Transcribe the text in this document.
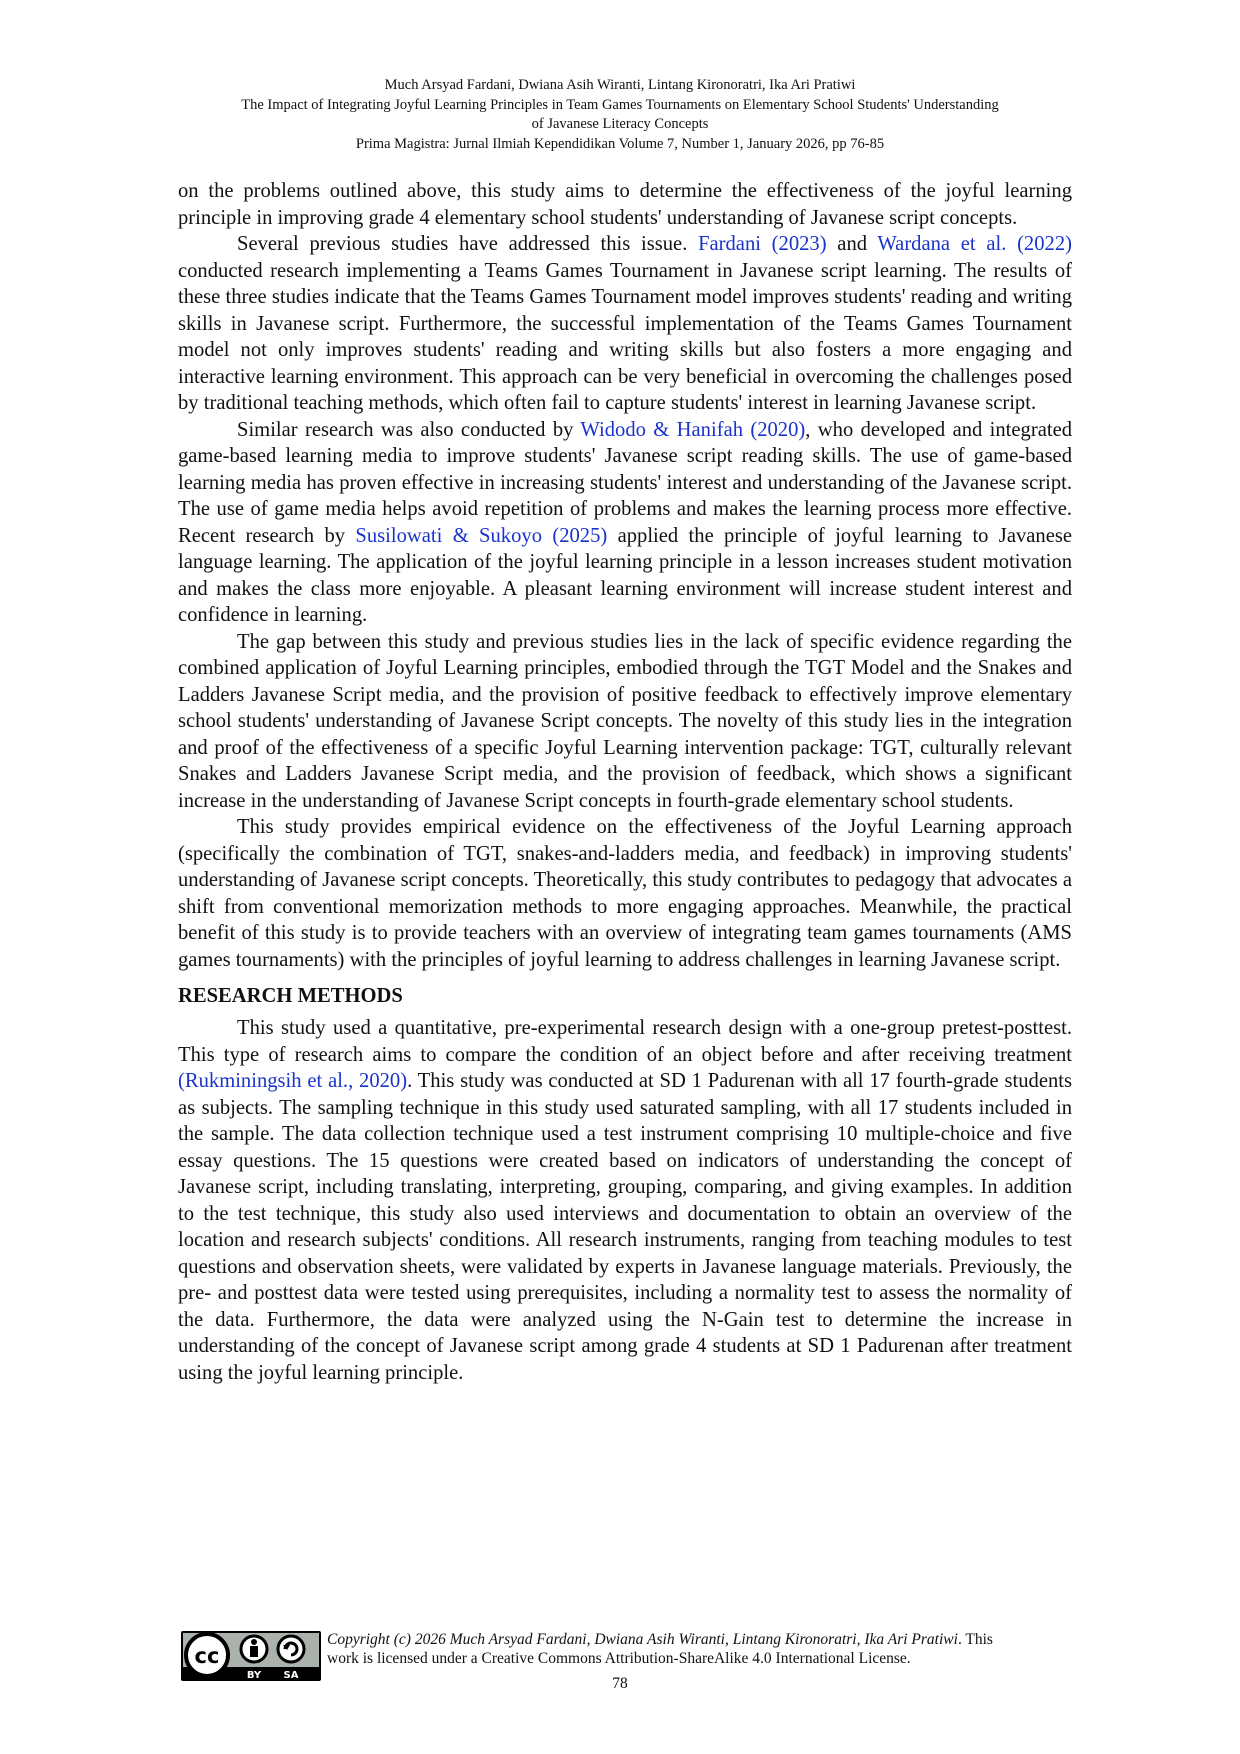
Much Arsyad Fardani, Dwiana Asih Wiranti, Lintang Kironoratri, Ika Ari Pratiwi
The Impact of Integrating Joyful Learning Principles in Team Games Tournaments on Elementary School Students' Understanding
of Javanese Literacy Concepts
Prima Magistra: Jurnal Ilmiah Kependidikan Volume 7, Number 1, January 2026, pp 76-85

on the problems outlined above, this study aims to determine the effectiveness of the joyful learning principle in improving grade 4 elementary school students' understanding of Javanese script concepts.

Several previous studies have addressed this issue. Fardani (2023) and Wardana et al. (2022) conducted research implementing a Teams Games Tournament in Javanese script learning. The results of these three studies indicate that the Teams Games Tournament model improves students' reading and writing skills in Javanese script. Furthermore, the successful implementation of the Teams Games Tournament model not only improves students' reading and writing skills but also fosters a more engaging and interactive learning environment. This approach can be very beneficial in overcoming the challenges posed by traditional teaching methods, which often fail to capture students' interest in learning Javanese script.

Similar research was also conducted by Widodo & Hanifah (2020), who developed and integrated game-based learning media to improve students' Javanese script reading skills. The use of game-based learning media has proven effective in increasing students' interest and understanding of the Javanese script. The use of game media helps avoid repetition of problems and makes the learning process more effective. Recent research by Susilowati & Sukoyo (2025) applied the principle of joyful learning to Javanese language learning. The application of the joyful learning principle in a lesson increases student motivation and makes the class more enjoyable. A pleasant learning environment will increase student interest and confidence in learning.

The gap between this study and previous studies lies in the lack of specific evidence regarding the combined application of Joyful Learning principles, embodied through the TGT Model and the Snakes and Ladders Javanese Script media, and the provision of positive feedback to effectively improve elementary school students' understanding of Javanese Script concepts. The novelty of this study lies in the integration and proof of the effectiveness of a specific Joyful Learning intervention package: TGT, culturally relevant Snakes and Ladders Javanese Script media, and the provision of feedback, which shows a significant increase in the understanding of Javanese Script concepts in fourth-grade elementary school students.

This study provides empirical evidence on the effectiveness of the Joyful Learning approach (specifically the combination of TGT, snakes-and-ladders media, and feedback) in improving students' understanding of Javanese script concepts. Theoretically, this study contributes to pedagogy that advocates a shift from conventional memorization methods to more engaging approaches. Meanwhile, the practical benefit of this study is to provide teachers with an overview of integrating team games tournaments (AMS games tournaments) with the principles of joyful learning to address challenges in learning Javanese script.

RESEARCH METHODS

This study used a quantitative, pre-experimental research design with a one-group pretest-posttest. This type of research aims to compare the condition of an object before and after receiving treatment (Rukminingsih et al., 2020). This study was conducted at SD 1 Padurenan with all 17 fourth-grade students as subjects. The sampling technique in this study used saturated sampling, with all 17 students included in the sample. The data collection technique used a test instrument comprising 10 multiple-choice and five essay questions. The 15 questions were created based on indicators of understanding the concept of Javanese script, including translating, interpreting, grouping, comparing, and giving examples. In addition to the test technique, this study also used interviews and documentation to obtain an overview of the location and research subjects' conditions. All research instruments, ranging from teaching modules to test questions and observation sheets, were validated by experts in Javanese language materials. Previously, the pre- and posttest data were tested using prerequisites, including a normality test to assess the normality of the data. Furthermore, the data were analyzed using the N-Gain test to determine the increase in understanding of the concept of Javanese script among grade 4 students at SD 1 Padurenan after treatment using the joyful learning principle.

cc
BY SA
Copyright (c) 2026 Much Arsyad Fardani, Dwiana Asih Wiranti, Lintang Kironoratri, Ika Ari Pratiwi. This
work is licensed under a Creative Commons Attribution-ShareAlike 4.0 International License.
78
